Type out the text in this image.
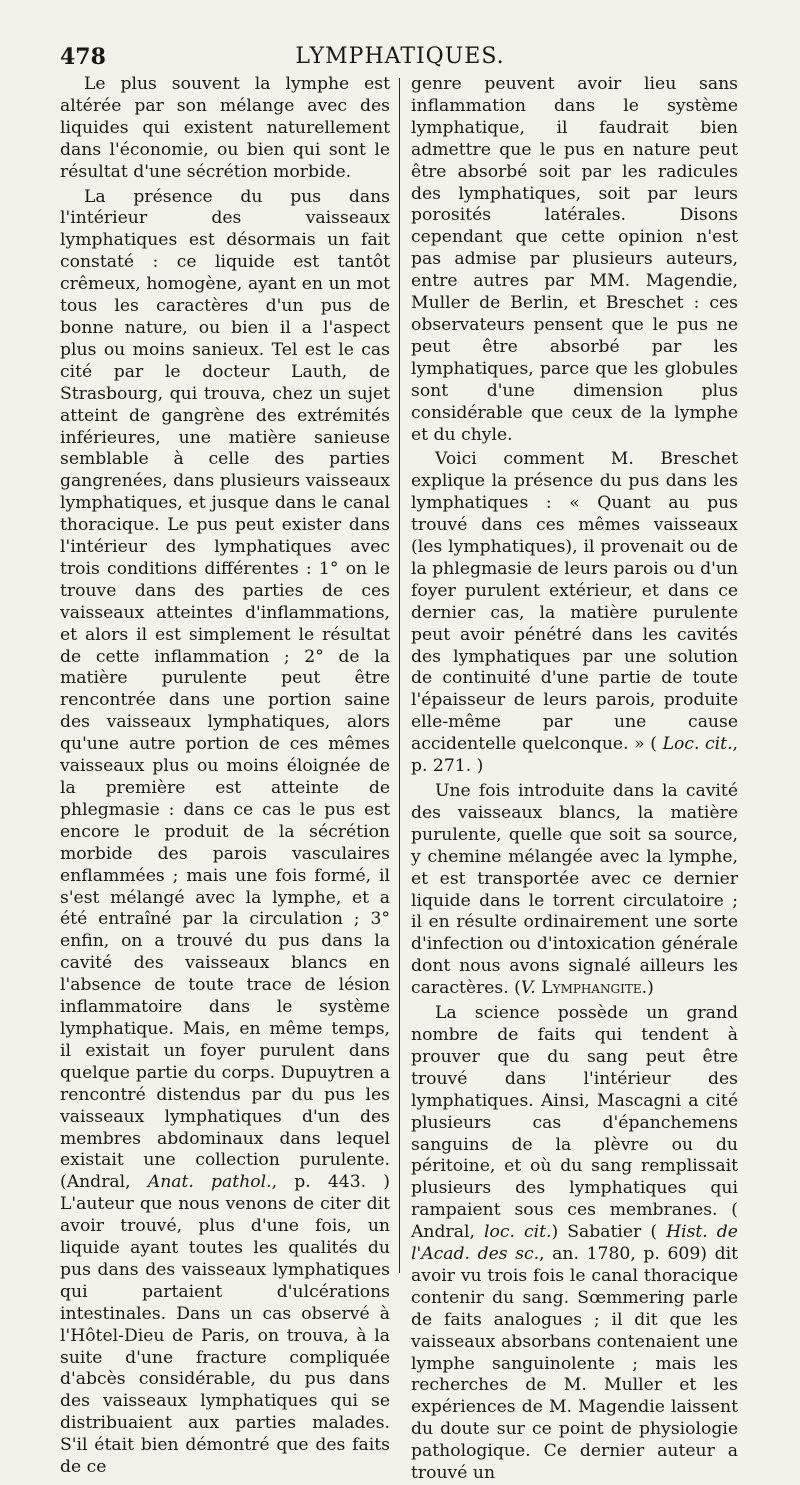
478	LYMPHATIQUES.

Le plus souvent la lymphe est altérée par son mélange avec des liquides qui existent naturellement dans l'économie, ou bien qui sont le résultat d'une sécrétion morbide.

La présence du pus dans l'intérieur des vaisseaux lymphatiques est désormais un fait constaté : ce liquide est tantôt crêmeux, homogène, ayant en un mot tous les caractères d'un pus de bonne nature, ou bien il a l'aspect plus ou moins sanieux. Tel est le cas cité par le docteur Lauth, de Strasbourg, qui trouva, chez un sujet atteint de gangrène des extrémités inférieures, une matière sanieuse semblable à celle des parties gangrenées, dans plusieurs vaisseaux lymphatiques, et jusque dans le canal thoracique. Le pus peut exister dans l'intérieur des lymphatiques avec trois conditions différentes : 1° on le trouve dans des parties de ces vaisseaux atteintes d'inflammations, et alors il est simplement le résultat de cette inflammation ; 2° de la matière purulente peut être rencontrée dans une portion saine des vaisseaux lymphatiques, alors qu'une autre portion de ces mêmes vaisseaux plus ou moins éloignée de la première est atteinte de phlegmasie : dans ce cas le pus est encore le produit de la sécrétion morbide des parois vasculaires enflammées ; mais une fois formé, il s'est mélangé avec la lymphe, et a été entraîné par la circulation ; 3° enfin, on a trouvé du pus dans la cavité des vaisseaux blancs en l'absence de toute trace de lésion inflammatoire dans le système lymphatique. Mais, en même temps, il existait un foyer purulent dans quelque partie du corps. Dupuytren a rencontré distendus par du pus les vaisseaux lymphatiques d'un des membres abdominaux dans lequel existait une collection purulente. (Andral, Anat. pathol., p. 443. ) L'auteur que nous venons de citer dit avoir trouvé, plus d'une fois, un liquide ayant toutes les qualités du pus dans des vaisseaux lymphatiques qui partaient d'ulcérations intestinales. Dans un cas observé à l'Hôtel-Dieu de Paris, on trouva, à la suite d'une fracture compliquée d'abcès considérable, du pus dans des vaisseaux lymphatiques qui se distribuaient aux parties malades. S'il était bien démontré que des faits de ce

genre peuvent avoir lieu sans inflammation dans le système lymphatique, il faudrait bien admettre que le pus en nature peut être absorbé soit par les radicules des lymphatiques, soit par leurs porosités latérales. Disons cependant que cette opinion n'est pas admise par plusieurs auteurs, entre autres par MM. Magendie, Muller de Berlin, et Breschet : ces observateurs pensent que le pus ne peut être absorbé par les lymphatiques, parce que les globules sont d'une dimension plus considérable que ceux de la lymphe et du chyle.

Voici comment M. Breschet explique la présence du pus dans les lymphatiques : « Quant au pus trouvé dans ces mêmes vaisseaux (les lymphatiques), il provenait ou de la phlegmasie de leurs parois ou d'un foyer purulent extérieur, et dans ce dernier cas, la matière purulente peut avoir pénétré dans les cavités des lymphatiques par une solution de continuité d'une partie de toute l'épaisseur de leurs parois, produite elle-même par une cause accidentelle quelconque. » ( Loc. cit., p. 271. )

Une fois introduite dans la cavité des vaisseaux blancs, la matière purulente, quelle que soit sa source, y chemine mélangée avec la lymphe, et est transportée avec ce dernier liquide dans le torrent circulatoire ; il en résulte ordinairement une sorte d'infection ou d'intoxication générale dont nous avons signalé ailleurs les caractères. (V. Lymphangite.)

La science possède un grand nombre de faits qui tendent à prouver que du sang peut être trouvé dans l'intérieur des lymphatiques. Ainsi, Mascagni a cité plusieurs cas d'épanchemens sanguins de la plèvre ou du péritoine, et où du sang remplissait plusieurs des lymphatiques qui rampaient sous ces membranes. ( Andral, loc. cit.) Sabatier ( Hist. de l'Acad. des sc., an. 1780, p. 609) dit avoir vu trois fois le canal thoracique contenir du sang. Sœmmering parle de faits analogues ; il dit que les vaisseaux absorbans contenaient une lymphe sanguinolente ; mais les recherches de M. Muller et les expériences de M. Magendie laissent du doute sur ce point de physiologie pathologique. Ce dernier auteur a trouvé un
